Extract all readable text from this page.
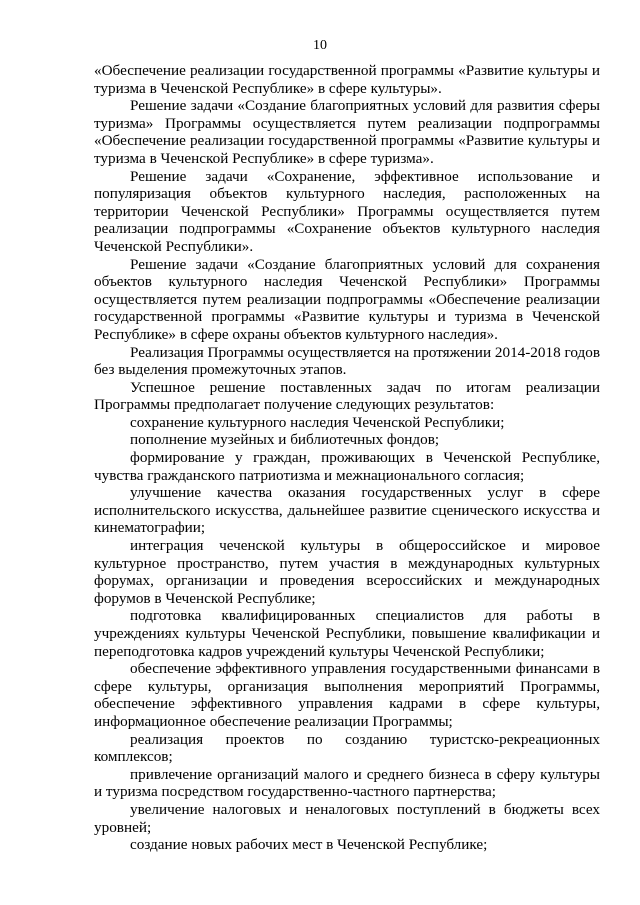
10

«Обеспечение реализации государственной программы «Развитие культуры и туризма в Чеченской Республике» в сфере культуры».

Решение задачи «Создание благоприятных условий для развития сферы туризма» Программы осуществляется путем реализации подпрограммы «Обеспечение реализации государственной программы «Развитие культуры и туризма в Чеченской Республике» в сфере туризма».

Решение задачи «Сохранение, эффективное использование и популяризация объектов культурного наследия, расположенных на территории Чеченской Республики» Программы осуществляется путем реализации подпрограммы «Сохранение объектов культурного наследия Чеченской Республики».

Решение задачи «Создание благоприятных условий для сохранения объектов культурного наследия Чеченской Республики» Программы осуществляется путем реализации подпрограммы «Обеспечение реализации государственной программы «Развитие культуры и туризма в Чеченской Республике» в сфере охраны объектов культурного наследия».

Реализация Программы осуществляется на протяжении 2014-2018 годов без выделения промежуточных этапов.

Успешное решение поставленных задач по итогам реализации Программы предполагает получение следующих результатов:

сохранение культурного наследия Чеченской Республики;

пополнение музейных и библиотечных фондов;

формирование у граждан, проживающих в Чеченской Республике, чувства гражданского патриотизма и межнационального согласия;

улучшение качества оказания государственных услуг в сфере исполнительского искусства, дальнейшее развитие сценического искусства и кинематографии;

интеграция чеченской культуры в общероссийское и мировое культурное пространство, путем участия в международных культурных форумах, организации и проведения всероссийских и международных форумов в Чеченской Республике;

подготовка квалифицированных специалистов для работы в учреждениях культуры Чеченской Республики, повышение квалификации и переподготовка кадров учреждений культуры Чеченской Республики;

обеспечение эффективного управления государственными финансами в сфере культуры, организация выполнения мероприятий Программы, обеспечение эффективного управления кадрами в сфере культуры, информационное обеспечение реализации Программы;

реализация проектов по созданию туристско-рекреационных комплексов;

привлечение организаций малого и среднего бизнеса в сферу культуры и туризма посредством государственно-частного партнерства;

увеличение налоговых и неналоговых поступлений в бюджеты всех уровней;

создание новых рабочих мест в Чеченской Республике;
